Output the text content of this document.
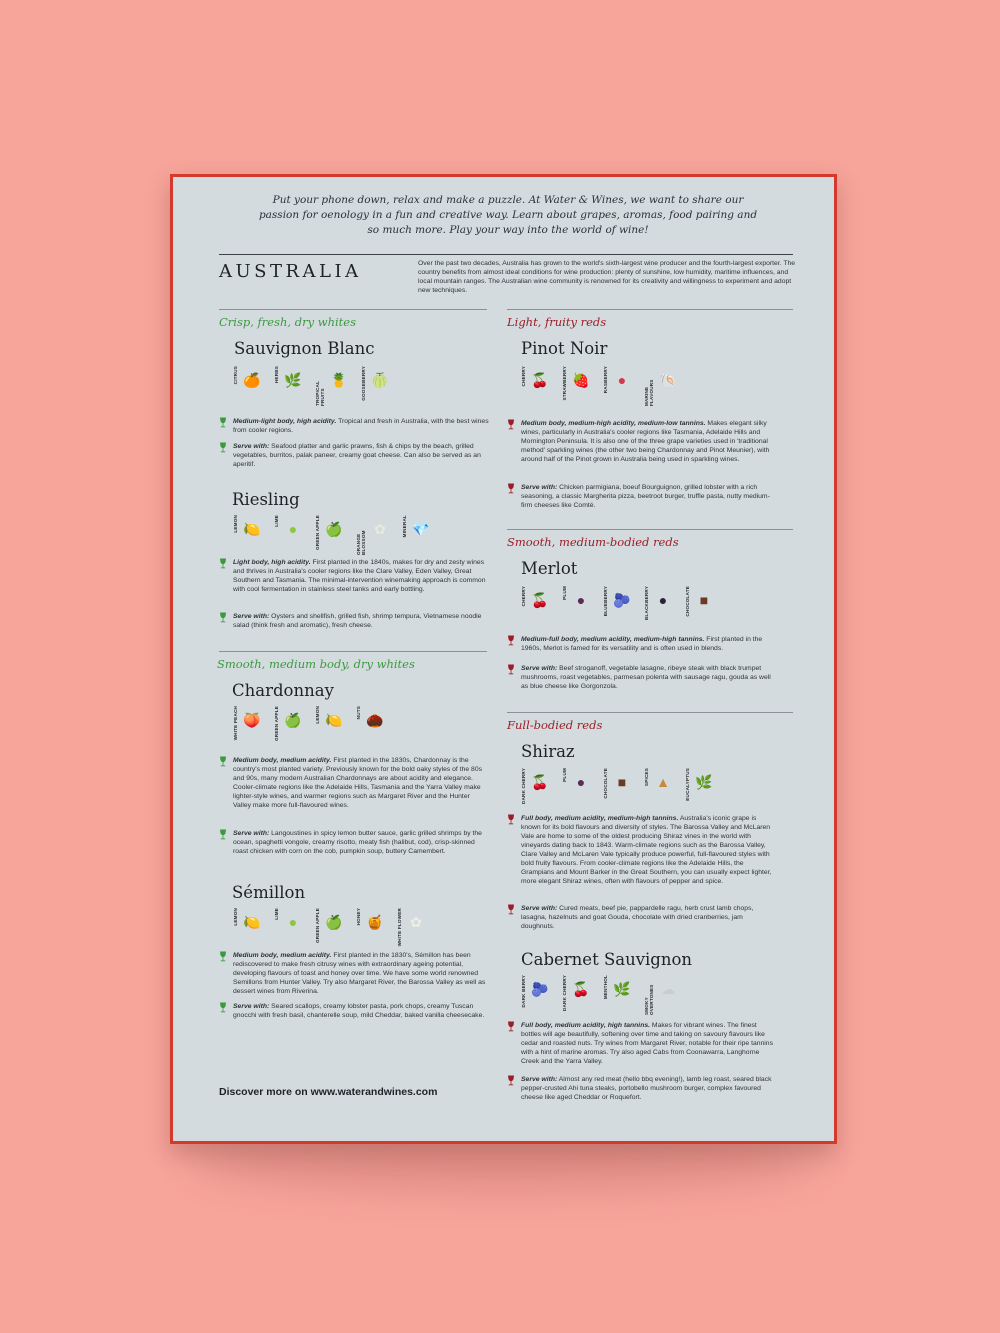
Put your phone down, relax and make a puzzle. At Water & Wines, we want to share our passion for oenology in a fun and creative way. Learn about grapes, aromas, food pairing and so much more. Play your way into the world of wine!

AUSTRALIA	Over the past two decades, Australia has grown to the world's sixth-largest wine producer and the fourth-largest exporter. The country benefits from almost ideal conditions for wine production: plenty of sunshine, low humidity, maritime influences, and local mountain ranges. The Australian wine community is renowned for its creativity and willingness to experiment and adopt new techniques.

Crisp, fresh, dry whites
Sauvignon Blanc
CITRUS 🍊	HERBS 🌿
TROPICAL FRUITS
🍍	GOOSEBERRY 🍈
Medium-light body, high acidity. Tropical and fresh in Australia, with the best wines from cooler regions.
Serve with: Seafood platter and garlic prawns, fish & chips by the beach, grilled vegetables, burritos, palak paneer, creamy goat cheese. Can also be served as an aperitif.
Riesling
LEMON 🍋
LIME
●	GREEN APPLE 🍏
ORANGE BLOSSOM
✿	MINERAL 💎
Light body, high acidity. First planted in the 1840s, makes for dry and zesty wines and thrives in Australia's cooler regions like the Clare Valley, Eden Valley, Great Southern and Tasmania. The minimal-intervention winemaking approach is common with cool fermentation in stainless steel tanks and early bottling.
Serve with: Oysters and shellfish, grilled fish, shrimp tempura, Vietnamese noodle salad (think fresh and aromatic), fresh cheese.
Smooth, medium body, dry whites
Chardonnay
WHITE PEACH 🍑	GREEN APPLE 🍏	LEMON 🍋	NUTS 🌰
Medium body, medium acidity. First planted in the 1830s, Chardonnay is the country's most planted variety. Previously known for the bold oaky styles of the 80s and 90s, many modern Australian Chardonnays are about acidity and elegance. Cooler-climate regions like the Adelaide Hills, Tasmania and the Yarra Valley make lighter-style wines, and warmer regions such as Margaret River and the Hunter Valley make more full-flavoured wines.
Serve with: Langoustines in spicy lemon butter sauce, garlic grilled shrimps by the ocean, spaghetti vongole, creamy risotto, meaty fish (halibut, cod), crisp-skinned roast chicken with corn on the cob, pumpkin soup, buttery Camembert.
Sémillon
LEMON 🍋
LIME
●	GREEN APPLE 🍏	HONEY 🍯	WHITE FLOWER ✿
Medium body, medium acidity. First planted in the 1830's, Sémillon has been rediscovered to make fresh citrusy wines with extraordinary ageing potential, developing flavours of toast and honey over time. We have some world renowned Semillons from Hunter Valley. Try also Margaret River, the Barossa Valley as well as dessert wines from Riverina.
Serve with: Seared scallops, creamy lobster pasta, pork chops, creamy Tuscan gnocchi with fresh basil, chanterelle soup, mild Cheddar, baked vanilla cheesecake.
Discover more on www.waterandwines.com
Light, fruity reds
Pinot Noir
CHERRY 🍒	STRAWBERRY 🍓	RASBERRY ●
MARINE FLAVOURS 🐚
Medium body, medium-high acidity, medium-low tannins. Makes elegant silky wines, particularly in Australia's cooler regions like Tasmania, Adelaide Hills and Mornington Peninsula. It is also one of the three grape varieties used in 'traditional method' sparkling wines (the other two being Chardonnay and Pinot Meunier), with around half of the Pinot grown in Australia being used in sparkling wines.
Serve with: Chicken parmigiana, boeuf Bourguignon, grilled lobster with a rich seasoning, a classic Margherita pizza, beetroot burger, truffle pasta, nutty medium-firm cheeses like Comté.
Smooth, medium-bodied reds
Merlot
CHERRY 🍒	PLUM ●	BLUEBERRY 🫐	BLACKBERRY ●	CHOCOLATE ■
Medium-full body, medium acidity, medium-high tannins. First planted in the 1960s, Merlot is famed for its versatility and is often used in blends.
Serve with: Beef stroganoff, vegetable lasagne, ribeye steak with black trumpet mushrooms, roast vegetables, parmesan polenta with sausage ragu, gouda as well as blue cheese like Gorgonzola.
Full-bodied reds
Shiraz
DARK CHERRY 🍒	PLUM ●	CHOCOLATE ■	SPICES ▲	EUCALYPTUS 🌿
Full body, medium acidity, medium-high tannins. Australia's iconic grape is known for its bold flavours and diversity of styles. The Barossa Valley and McLaren Vale are home to some of the oldest producing Shiraz vines in the world with vineyards dating back to 1843. Warm-climate regions such as the Barossa Valley, Clare Valley and McLaren Vale typically produce powerful, full-flavoured styles with bold fruity flavours. From cooler-climate regions like the Adelaide Hills, the Grampians and Mount Barker in the Great Southern, you can usually expect lighter, more elegant Shiraz wines, often with flavours of pepper and spice.
Serve with: Cured meats, beef pie, pappardelle ragu, herb crust lamb chops, lasagna, hazelnuts and goat Gouda, chocolate with dried cranberries, jam doughnuts.
Cabernet Sauvignon
DARK BERRY 🫐	DARK CHERRY 🍒	MENTHOL 🌿
SMOKY OVERTONES ☁
Full body, medium acidity, high tannins. Makes for vibrant wines. The finest bottles will age beautifully, softening over time and taking on savoury flavours like cedar and roasted nuts. Try wines from Margaret River, notable for their ripe tannins with a hint of marine aromas. Try also aged Cabs from Coonawarra, Langhorne Creek and the Yarra Valley.
Serve with: Almost any red meat (hello bbq evening!), lamb leg roast, seared black pepper-crusted Ahi tuna steaks, portobello mushroom burger, complex favoured cheese like aged Cheddar or Roquefort.
